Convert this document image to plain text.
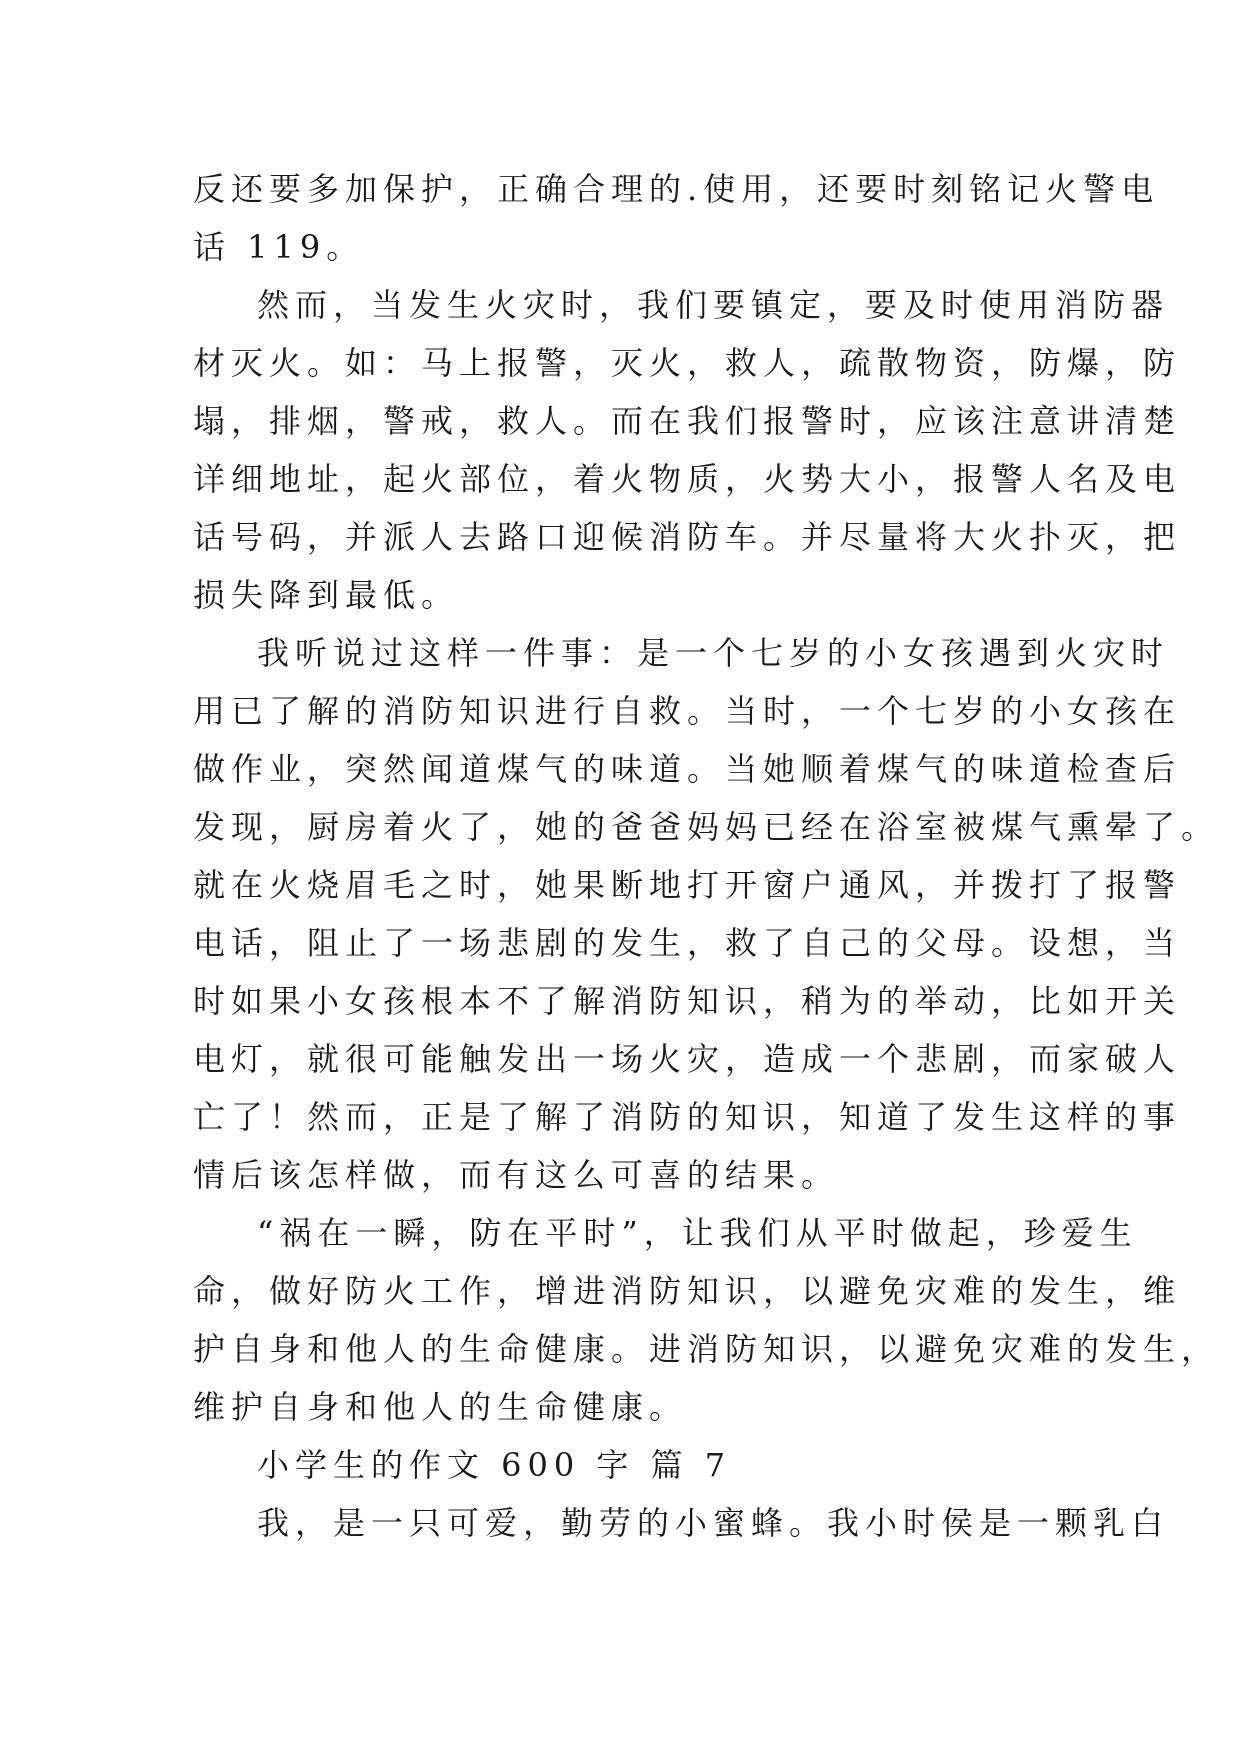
反还要多加保护，正确合理的.使用，还要时刻铭记火警电
话 119。
然而，当发生火灾时，我们要镇定，要及时使用消防器
材灭火。如：马上报警，灭火，救人，疏散物资，防爆，防
塌，排烟，警戒，救人。而在我们报警时，应该注意讲清楚
详细地址，起火部位，着火物质，火势大小，报警人名及电
话号码，并派人去路口迎候消防车。并尽量将大火扑灭，把
损失降到最低。
我听说过这样一件事：是一个七岁的小女孩遇到火灾时
用已了解的消防知识进行自救。当时，一个七岁的小女孩在
做作业，突然闻道煤气的味道。当她顺着煤气的味道检查后
发现，厨房着火了，她的爸爸妈妈已经在浴室被煤气熏晕了。
就在火烧眉毛之时，她果断地打开窗户通风，并拨打了报警
电话，阻止了一场悲剧的发生，救了自己的父母。设想，当
时如果小女孩根本不了解消防知识，稍为的举动，比如开关
电灯，就很可能触发出一场火灾，造成一个悲剧，而家破人
亡了！然而，正是了解了消防的知识，知道了发生这样的事
情后该怎样做，而有这么可喜的结果。
“祸在一瞬，防在平时”，让我们从平时做起，珍爱生
命，做好防火工作，增进消防知识，以避免灾难的发生，维
护自身和他人的生命健康。进消防知识，以避免灾难的发生，
维护自身和他人的生命健康。
小学生的作文 600 字 篇 7
我，是一只可爱，勤劳的小蜜蜂。我小时侯是一颗乳白
